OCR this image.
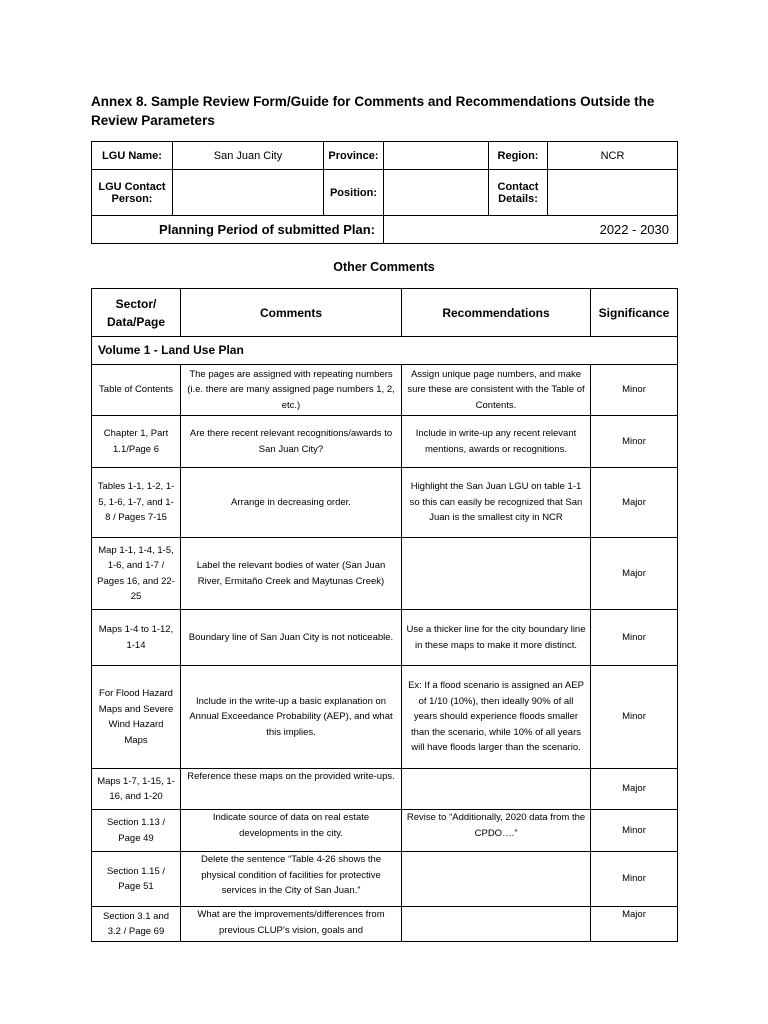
Annex 8. Sample Review Form/Guide for Comments and Recommendations Outside the Review Parameters
LGU Name:	San Juan City	Province:		Region:	NCR
LGU Contact Person:		Position:		Contact Details:	
Planning Period of submitted Plan:			2022 - 2030		
Other Comments
Sector/ Data/Page	Comments	Recommendations	Significance
Volume 1 - Land Use Plan			
Table of Contents	The pages are assigned with repeating numbers (i.e. there are many assigned page numbers 1, 2, etc.)	Assign unique page numbers, and make sure these are consistent with the Table of Contents.	Minor
Chapter 1, Part 1.1/Page 6	Are there recent relevant recognitions/awards to San Juan City?	Include in write-up any recent relevant mentions, awards or recognitions.	Minor
Tables 1-1, 1-2, 1-5, 1-6, 1-7, and 1-8 / Pages 7-15	Arrange in decreasing order.	Highlight the San Juan LGU on table 1-1 so this can easily be recognized that San Juan is the smallest city in NCR	Major
Map 1-1, 1-4, 1-5, 1-6, and 1-7 / Pages 16, and 22-25	Label the relevant bodies of water (San Juan River, Ermitaño Creek and Maytunas Creek)		Major
Maps 1-4 to 1-12, 1-14	Boundary line of San Juan City is not noticeable.	Use a thicker line for the city boundary line in these maps to make it more distinct.	Minor
For Flood Hazard Maps and Severe Wind Hazard Maps	Include in the write-up a basic explanation on Annual Exceedance Probability (AEP), and what this implies.	Ex: If a flood scenario is assigned an AEP of 1/10 (10%), then ideally 90% of all years should experience floods smaller than the scenario, while 10% of all years will have floods larger than the scenario.	Minor
Maps 1-7, 1-15, 1-16, and 1-20	Reference these maps on the provided write-ups.		Major
Section 1.13 / Page 49	Indicate source of data on real estate developments in the city.	Revise to “Additionally, 2020 data from the CPDO….”	Minor
Section 1.15 / Page 51	Delete the sentence “Table 4-26 shows the physical condition of facilities for protective services in the City of San Juan.”		Minor
Section 3.1 and 3.2 / Page 69	What are the improvements/differences from previous CLUP’s vision, goals and		Major
